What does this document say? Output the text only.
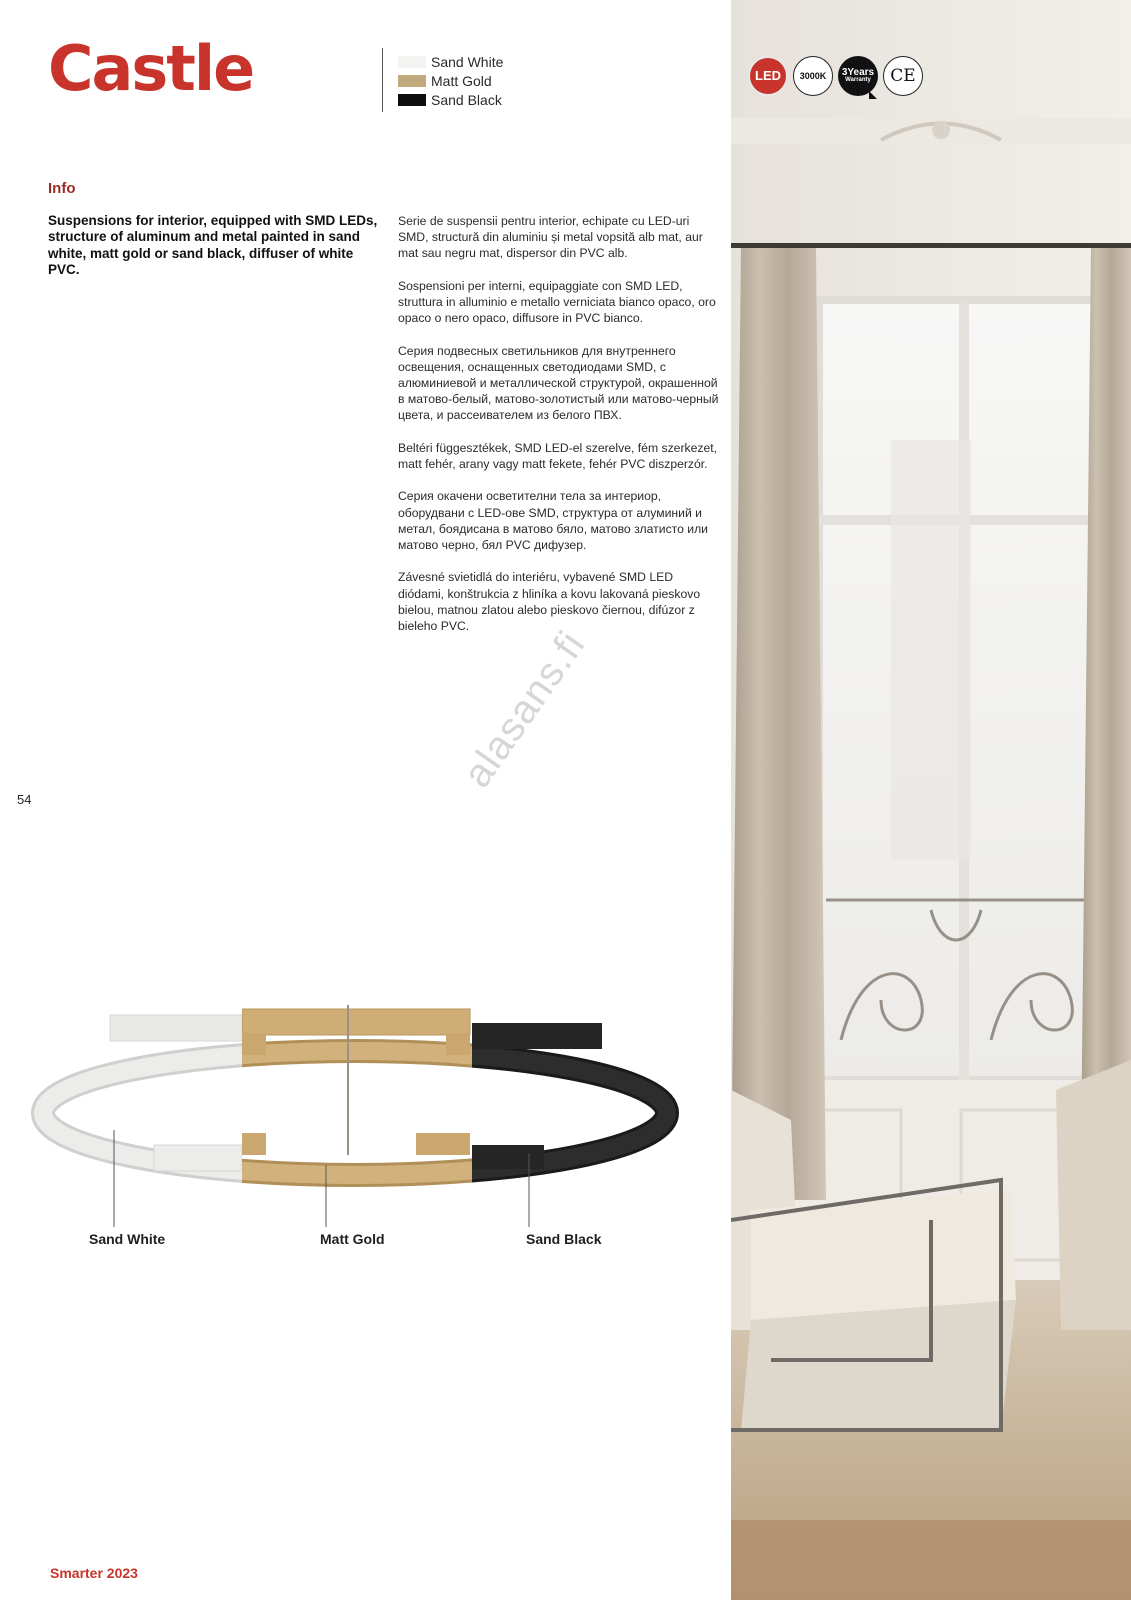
Castle	Sand White
Matt Gold
Sand Black
LED 3000K 3Years
Warranty CE
Info
Suspensions for interior, equipped with SMD LEDs, structure of aluminum and metal painted in sand white, matt gold or sand black, diffuser of white PVC.

Serie de suspensii pentru interior, echipate cu LED-uri SMD, structură din aluminiu și metal vopsită alb mat, aur mat sau negru mat, dispersor din PVC alb.

Sospensioni per interni, equipaggiate con SMD LED, struttura in alluminio e metallo verniciata bianco opaco, oro opaco o nero opaco, diffusore in PVC bianco.

Серия подвесных светильников для внутреннего освещения, оснащенных светодиодами SMD, с алюминиевой и металлической структурой, окрашенной в матово-белый, матово-золотистый или матово-черный цвета, и рассеивателем из белого ПВХ.

Beltéri függesztékek, SMD LED-el szerelve, fém szerkezet, matt fehér, arany vagy matt fekete, fehér PVC diszperzór.

Серия окачени осветителни тела за интериор, оборудвани с LED-ове SMD, структура от алуминий и метал, боядисана в матово бяло, матово златисто или матово черно, бял PVC дифузер.

Závesné svietidlá do interiéru, vybavené SMD LED diódami, konštrukcia z hliníka a kovu lakovaná pieskovo bielou, matnou zlatou alebo pieskovo čiernou, difúzor z bieleho PVC.

alasans.fi
54
Sand White	Matt Gold	Sand Black
Smarter 2023
